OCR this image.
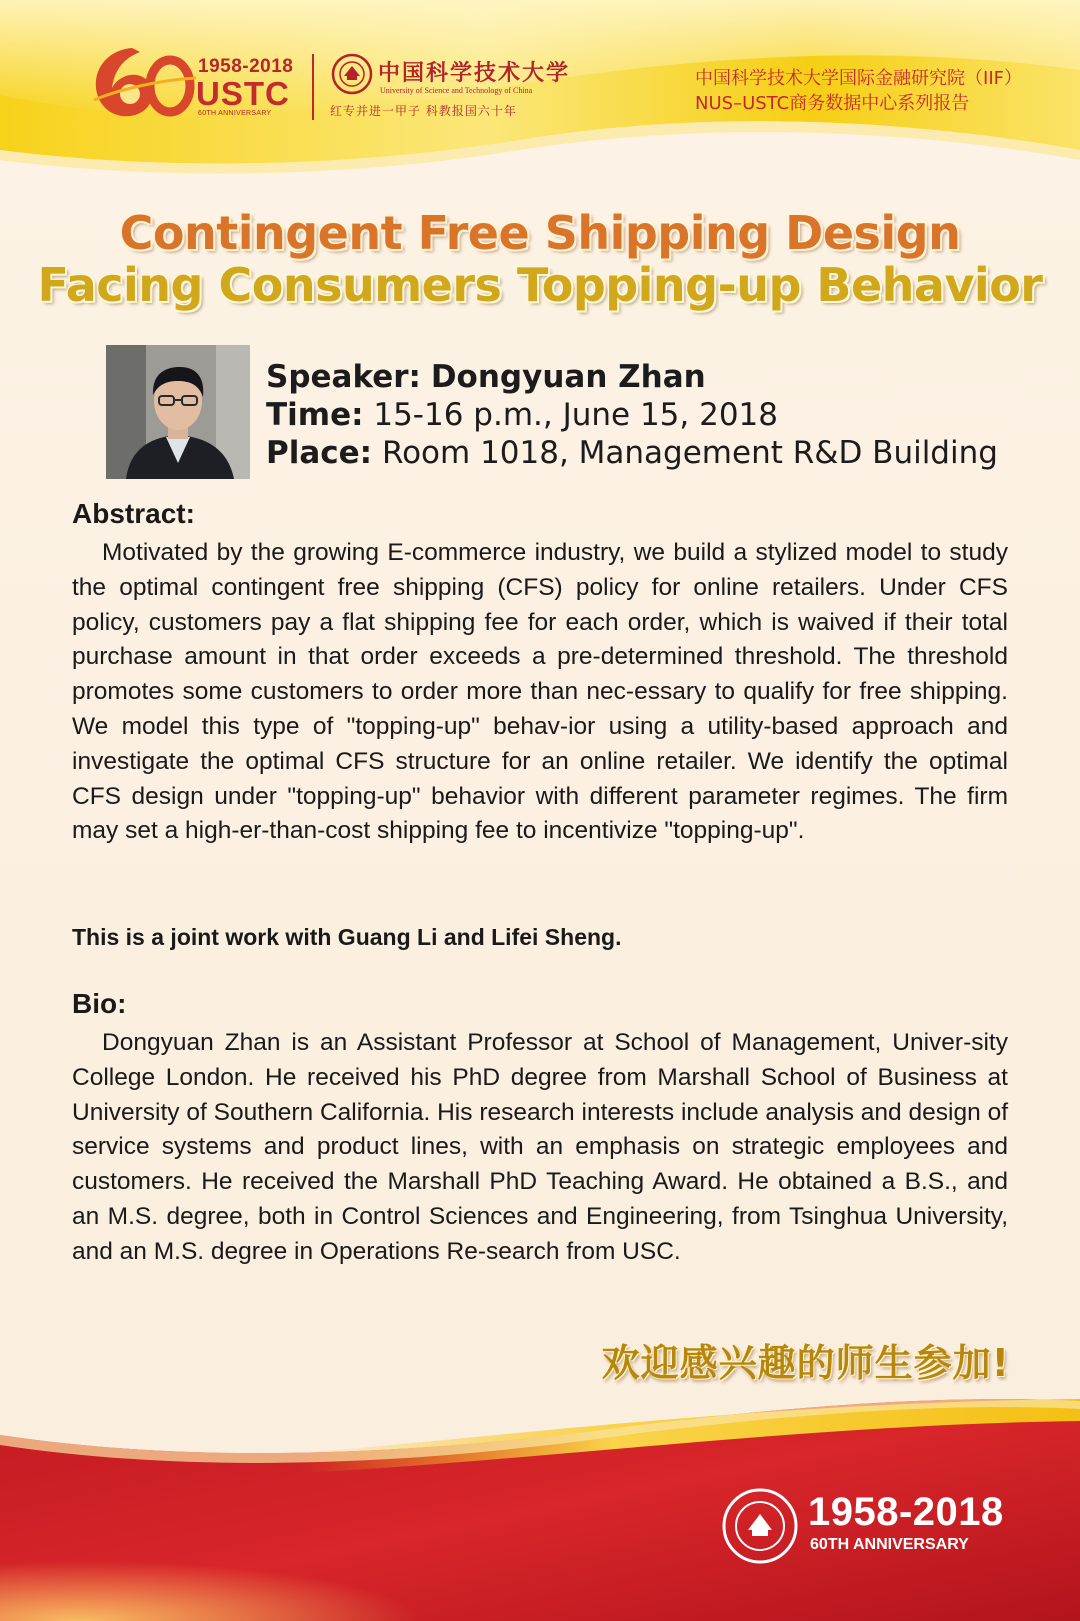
1958-2018
USTC
60TH ANNIVERSARY
中国科学技术大学
University of Science and Technology of China
红专并进一甲子 科教报国六十年
中国科学技术大学国际金融研究院（IIF）
NUS–USTC商务数据中心系列报告
Contingent Free Shipping Design
Facing Consumers Topping-up Behavior
Speaker: Dongyuan Zhan
Time: 15-16 p.m., June 15, 2018
Place: Room 1018, Management R&D Building
Abstract:

Motivated by the growing E-commerce industry, we build a stylized model to study the optimal contingent free shipping (CFS) policy for online retailers. Under CFS policy, customers pay a flat shipping fee for each order, which is waived if their total purchase amount in that order exceeds a pre-determined threshold. The threshold promotes some customers to order more than nec-essary to qualify for free shipping. We model this type of "topping-up" behav-ior using a utility-based approach and investigate the optimal CFS structure for an online retailer. We identify the optimal CFS design under "topping-up" behavior with different parameter regimes. The firm may set a high-er-than-cost shipping fee to incentivize "topping-up".

This is a joint work with Guang Li and Lifei Sheng.
Bio:

Dongyuan Zhan is an Assistant Professor at School of Management, Univer-sity College London. He received his PhD degree from Marshall School of Business at University of Southern California. His research interests include analysis and design of service systems and product lines, with an emphasis on strategic employees and customers. He received the Marshall PhD Teaching Award. He obtained a B.S., and an M.S. degree, both in Control Sciences and Engineering, from Tsinghua University, and an M.S. degree in Operations Re-search from USC.

欢迎感兴趣的师生参加!
1958-2018
60TH ANNIVERSARY
